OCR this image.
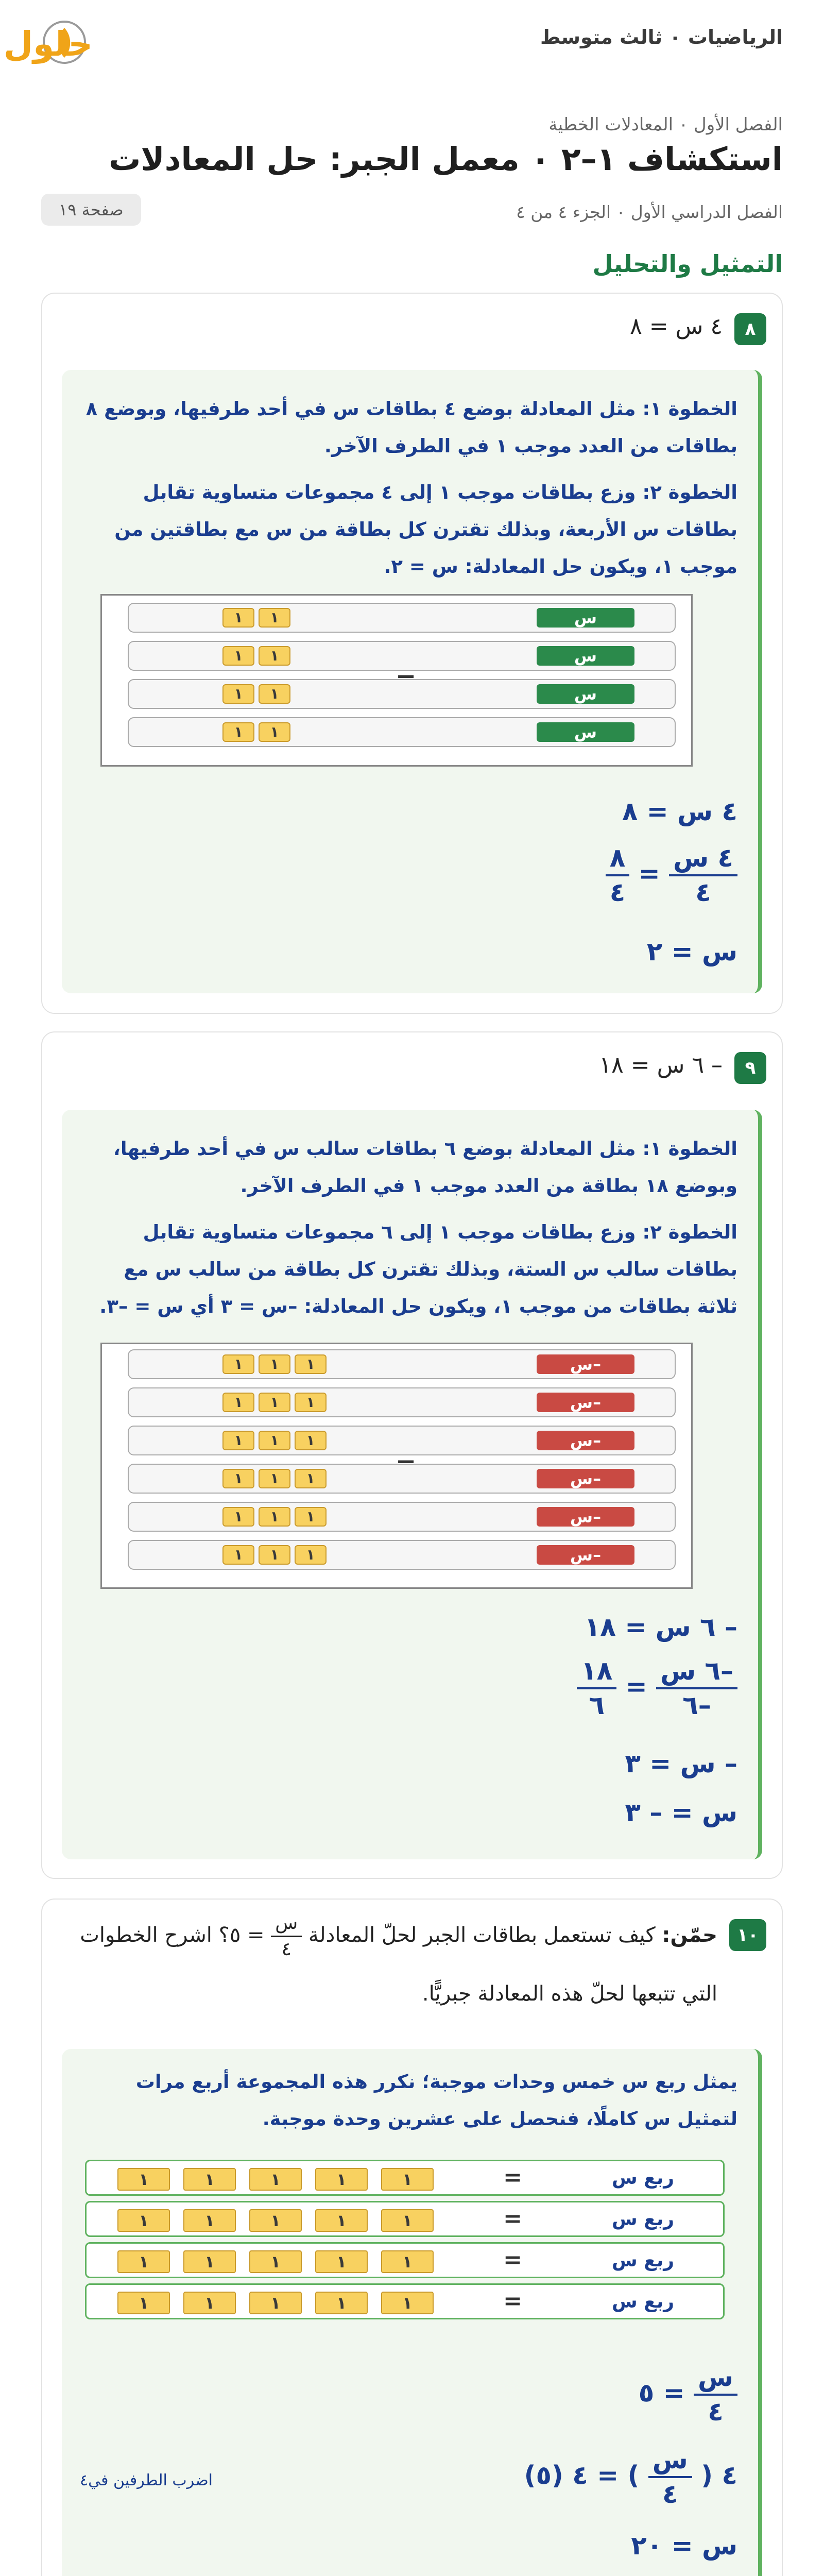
الرياضيات ٠ ثالث متوسط
حلول
الفصل الأول ٠ المعادلات الخطية
استكشاف ١–٢ ٠ معمل الجبر: حل المعادلات
الفصل الدراسي الأول ٠ الجزء ٤ من ٤
صفحة ١٩
التمثيل والتحليل
٨
٤ س = ٨
الخطوة ١: مثل المعادلة بوضع ٤ بطاقات س في أحد طرفيها، وبوضع ٨ بطاقات من العدد موجب ١ في الطرف الآخر.
الخطوة ٢: وزع بطاقات موجب ١ إلى ٤ مجموعات متساوية تقابل بطاقات س الأربعة، وبذلك تقترن كل بطاقة من س مع بطاقتين من موجب ١، ويكون حل المعادلة: س = ٢.
س
١	١
س
١	١
س
١	١
س
١	١
٤ س = ٨
$\frac{\text{٤ س}}{٤}$
=
$\frac{٨}{٤}$
س = ٢
٩
– ٦ س = ١٨
الخطوة ١: مثل المعادلة بوضع ٦ بطاقات سالب س في أحد طرفيها، وبوضع ١٨ بطاقة من العدد موجب ١ في الطرف الآخر.
الخطوة ٢: وزع بطاقات موجب ١ إلى ٦ مجموعات متساوية تقابل بطاقات سالب س الستة، وبذلك تقترن كل بطاقة من سالب س مع ثلاثة بطاقات من موجب ١، ويكون حل المعادلة: –س = ٣ أي س = –٣.
–س
١	١	١
–س
١	١	١
–س
١	١	١
–س
١	١	١
–س
١	١	١
–س
١	١	١
– ٦ س = ١٨
$\frac{\text{–٦ س}}{-٦}$
=
$\frac{١٨}{٦}$
– س = ٣
س = – ٣
١٠
حمّن: كيف تستعمل بطاقات الجبر لحلّ المعادلة
$\frac{\text{س}}{٤}$
= ٥؟ اشرح الخطوات
التي تتبعها لحلّ هذه المعادلة جبريًّا.
يمثل ربع س خمس وحدات موجبة؛ نكرر هذه المجموعة أربع مرات لتمثيل س كاملًا، فنحصل على عشرين وحدة موجبة.
ربع س
=
١	١	١	١	١
ربع س
=
١	١	١	١	١
ربع س
=
١	١	١	١	١
ربع س
=
١	١	١	١	١
$\frac{\text{س}}{٤}$
= ٥
٤ (
$\frac{\text{س}}{٤}$
) = ٤ (٥)
اضرب الطرفين في٤
س = ٢٠
